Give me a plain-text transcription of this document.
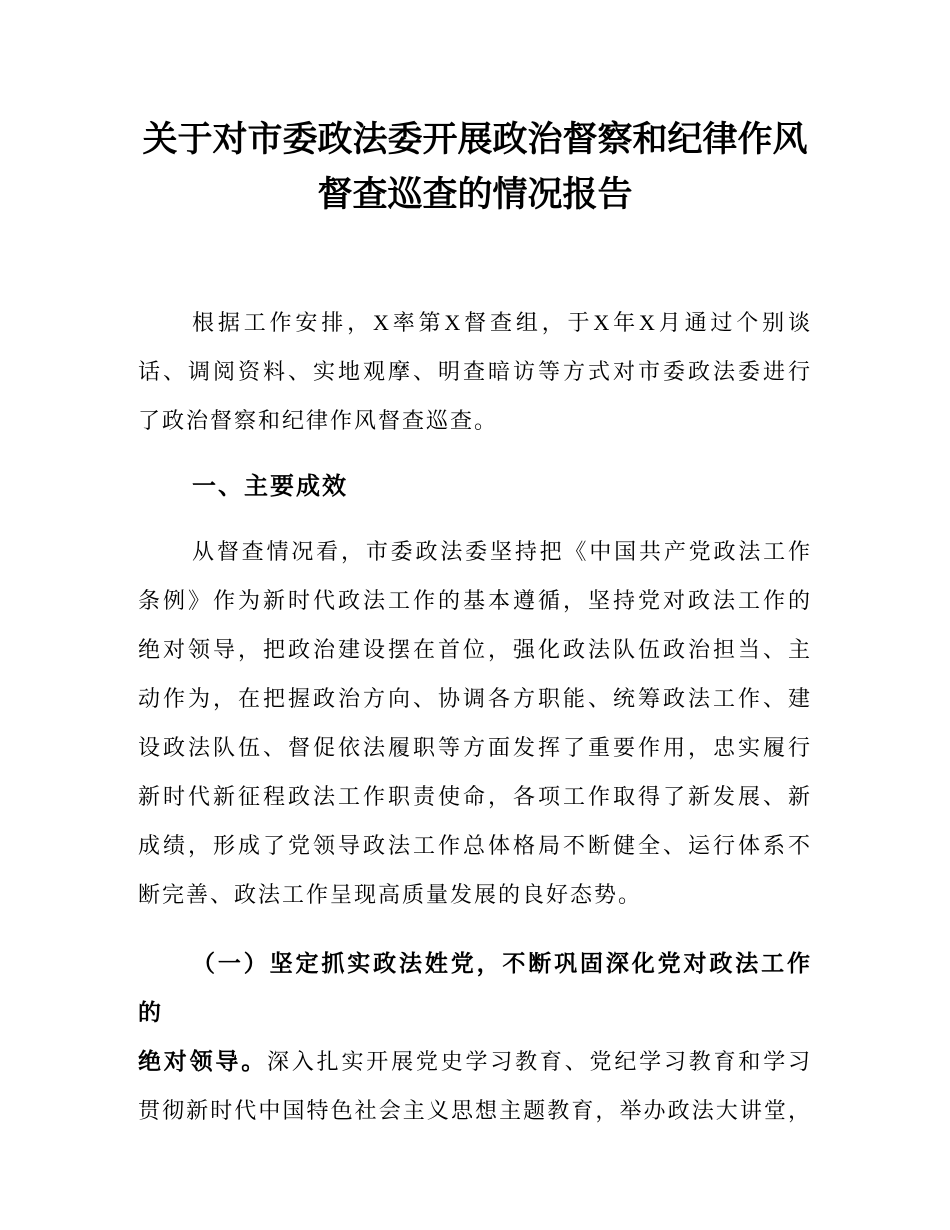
关于对市委政法委开展政治督察和纪律作风
督查巡查的情况报告
根据工作安排，X率第X督查组，于X年X月通过个别谈
话、调阅资料、实地观摩、明查暗访等方式对市委政法委进行
了政治督察和纪律作风督查巡查。
一、主要成效
从督查情况看，市委政法委坚持把《中国共产党政法工作
条例》作为新时代政法工作的基本遵循，坚持党对政法工作的
绝对领导，把政治建设摆在首位，强化政法队伍政治担当、主
动作为，在把握政治方向、协调各方职能、统筹政法工作、建
设政法队伍、督促依法履职等方面发挥了重要作用，忠实履行
新时代新征程政法工作职责使命，各项工作取得了新发展、新
成绩，形成了党领导政法工作总体格局不断健全、运行体系不
断完善、政法工作呈现高质量发展的良好态势。
（一）坚定抓实政法姓党，不断巩固深化党对政法工作的
绝对领导。深入扎实开展党史学习教育、党纪学习教育和学习
贯彻新时代中国特色社会主义思想主题教育，举办政法大讲堂，
